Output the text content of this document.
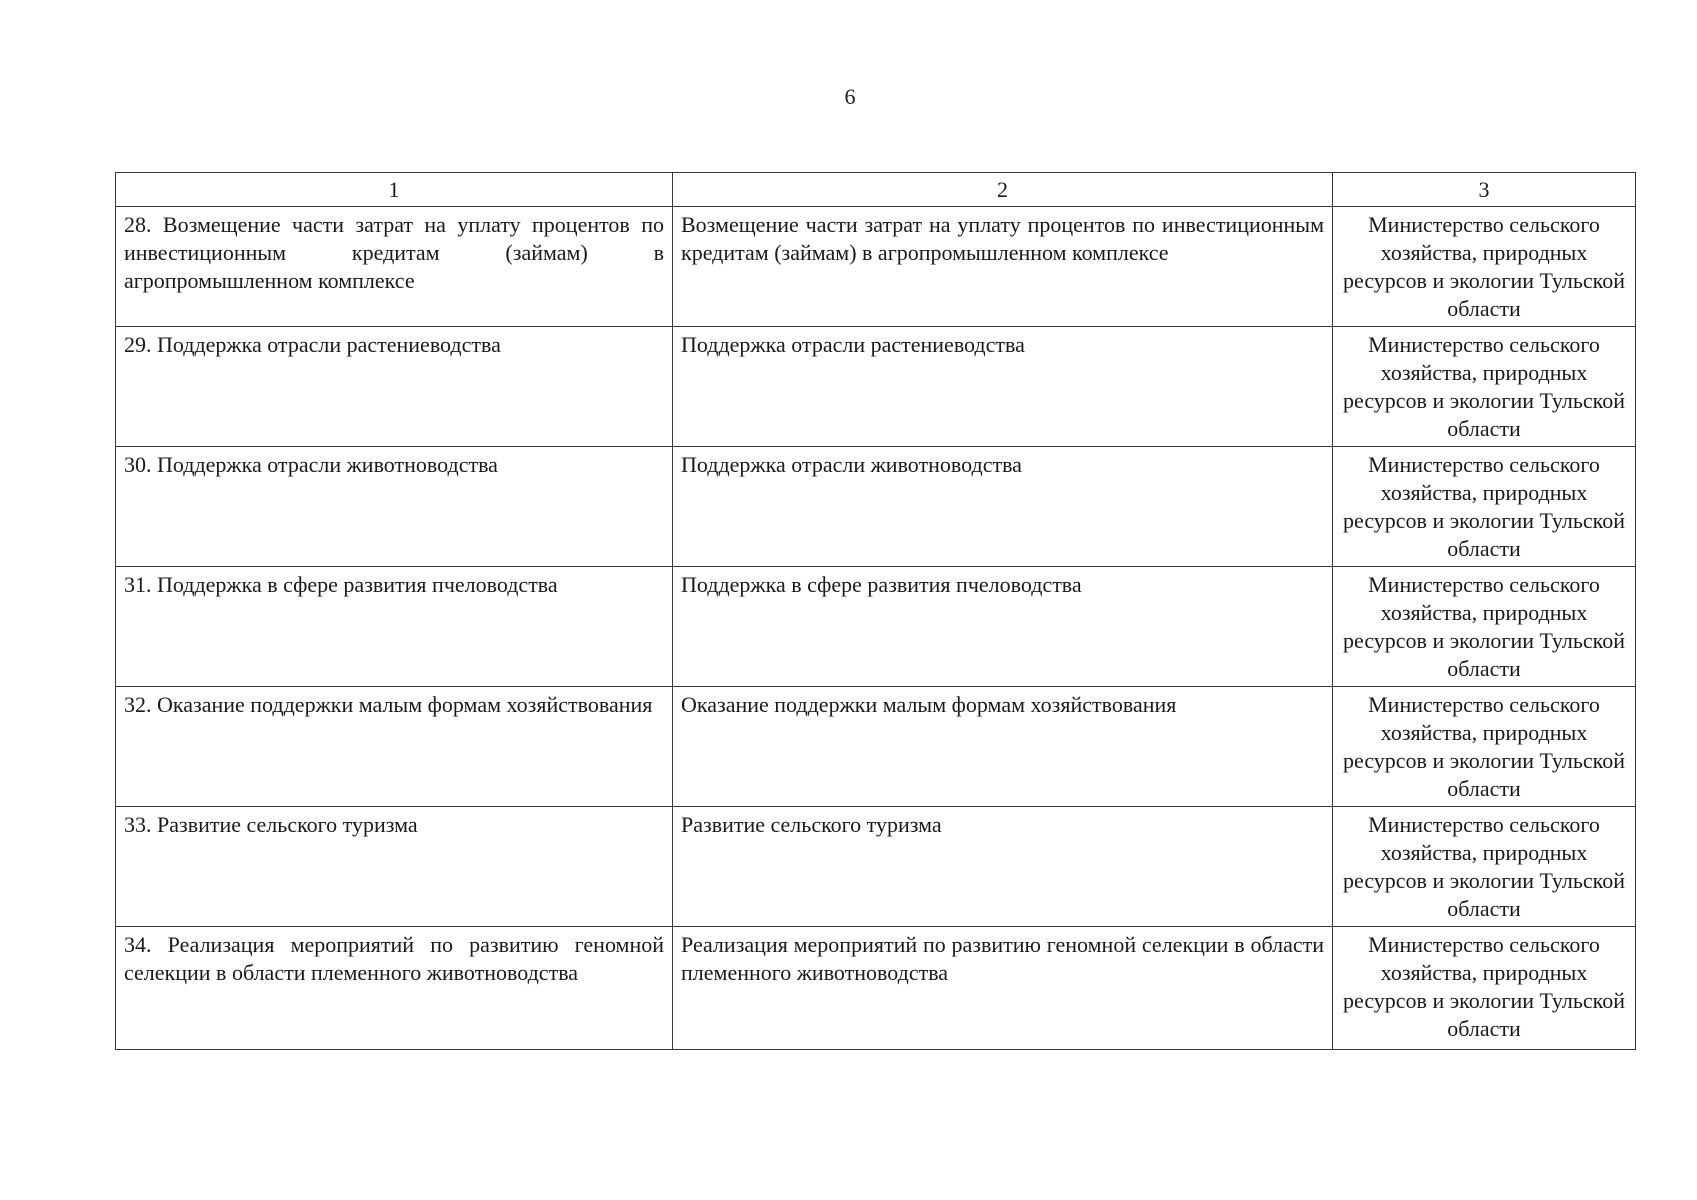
6
1	2	3
28. Возмещение части затрат на уплату процентов по инвестиционным кредитам (займам) в агропромышленном комплексе	Возмещение части затрат на уплату процентов по инвестиционным кредитам (займам) в агропромышленном комплексе	Министерство сельского хозяйства, природных ресурсов и экологии Тульской области
29. Поддержка отрасли растениеводства	Поддержка отрасли растениеводства	Министерство сельского хозяйства, природных ресурсов и экологии Тульской области
30. Поддержка отрасли животноводства	Поддержка отрасли животноводства	Министерство сельского хозяйства, природных ресурсов и экологии Тульской области
31. Поддержка в сфере развития пчеловодства	Поддержка в сфере развития пчеловодства	Министерство сельского хозяйства, природных ресурсов и экологии Тульской области
32. Оказание поддержки малым формам хозяйствования	Оказание поддержки малым формам хозяйствования	Министерство сельского хозяйства, природных ресурсов и экологии Тульской области
33. Развитие сельского туризма	Развитие сельского туризма	Министерство сельского хозяйства, природных ресурсов и экологии Тульской области
34. Реализация мероприятий по развитию геномной селекции в области племенного животноводства	Реализация мероприятий по развитию геномной селекции в области племенного животноводства	Министерство сельского хозяйства, природных ресурсов и экологии Тульской области
